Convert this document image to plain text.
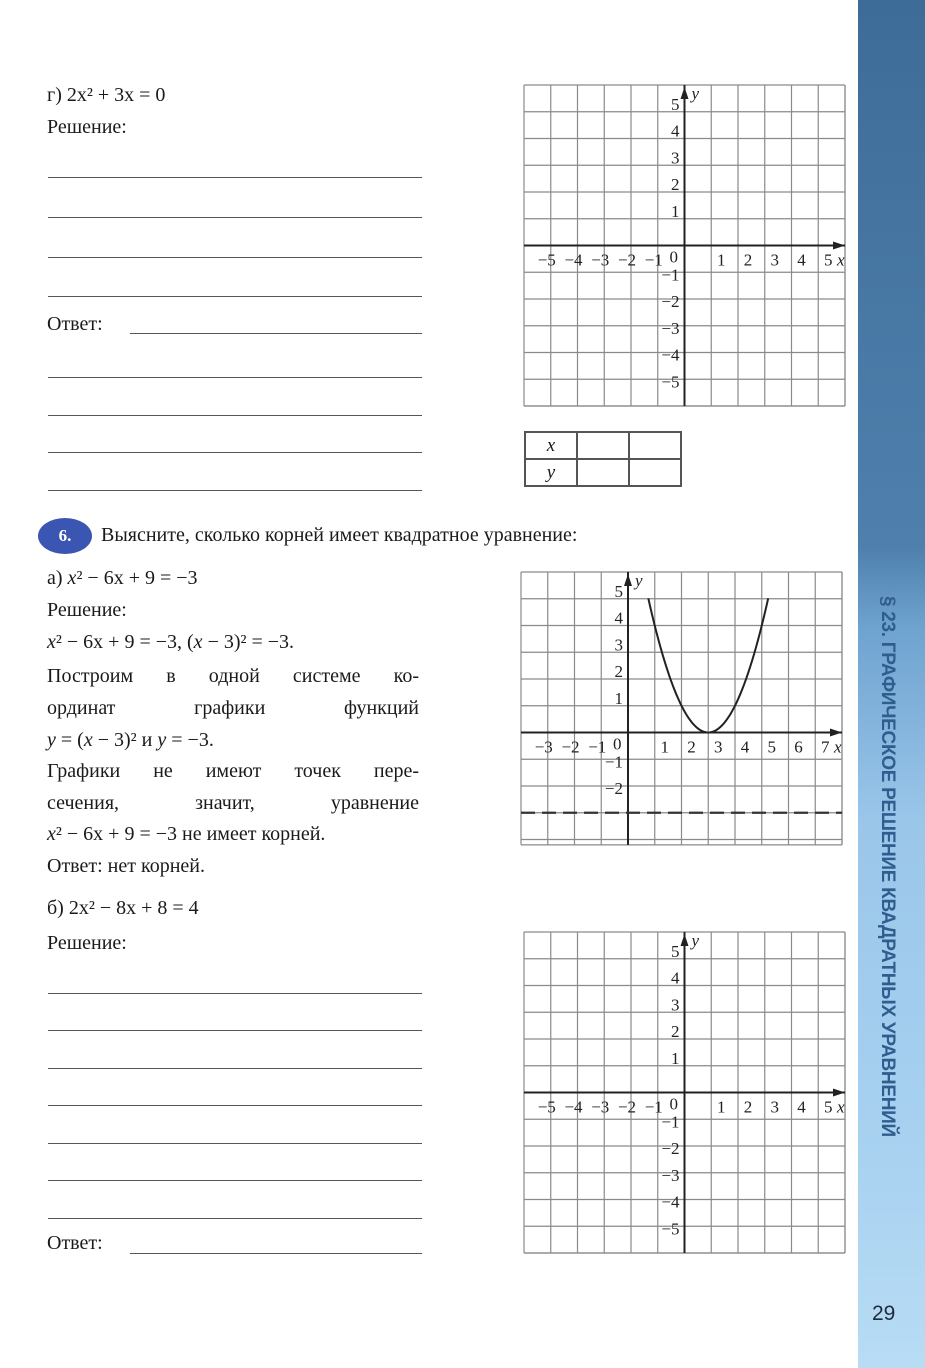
§ 23. ГРАФИЧЕСКОЕ РЕШЕНИЕ КВАДРАТНЫХ УРАВНЕНИЙ
29
г) 2x² + 3x = 0
Решение:
Ответ:
x
y
0
−5 −4 −3 −2 −1	1 2 3 4 5
−5
−4
−3
−2
−1
1
2
3
4
5
x		
y		
6.	Выясните, сколько корней имеет квадратное уравнение:
а) x² − 6x + 9 = −3
Решение:
x² − 6x + 9 = −3, (x − 3)² = −3.
Построим в одной системе ко-
ординат графики функций
y = (x − 3)² и y = −3.
Графики не имеют точек пере-
сечения, значит, уравнение
x² − 6x + 9 = −3 не имеет корней.
Ответ: нет корней.
x
y
0
−3 −2 −1	1 2 3 4 5 6 7
−2
−1
1
2
3
4
5
б) 2x² − 8x + 8 = 4
Решение:
Ответ:
x
y
0
−5 −4 −3 −2 −1	1 2 3 4 5
−5
−4
−3
−2
−1
1
2
3
4
5
